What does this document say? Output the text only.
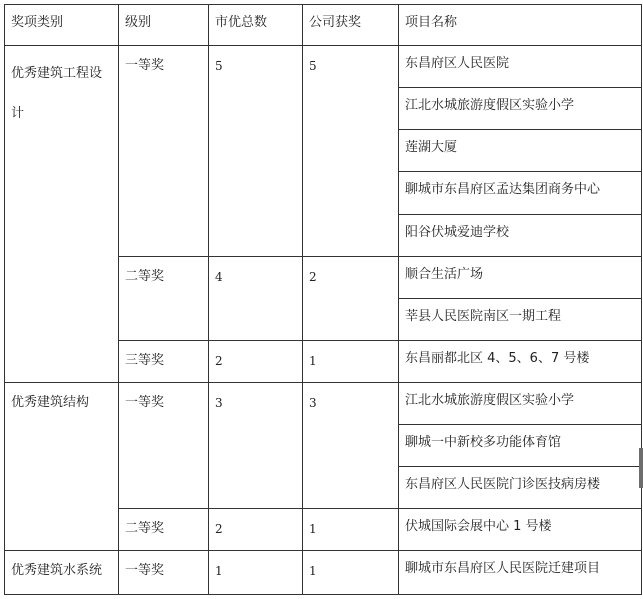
奖项类别	级别	市优总数	公司获奖	项目名称
优秀建筑工程设计	一等奖	5	5	东昌府区人民医院
				江北水城旅游度假区实验小学
				莲湖大厦
				聊城市东昌府区孟达集团商务中心
				阳谷伏城爱迪学校
	二等奖	4	2	顺合生活广场
				莘县人民医院南区一期工程
	三等奖	2	1	东昌丽都北区 4、5、6、7 号楼
优秀建筑结构	一等奖	3	3	江北水城旅游度假区实验小学
				聊城一中新校多功能体育馆
				东昌府区人民医院门诊医技病房楼
	二等奖	2	1	伏城国际会展中心 1 号楼
优秀建筑水系统	一等奖	1	1	聊城市东昌府区人民医院迁建项目
